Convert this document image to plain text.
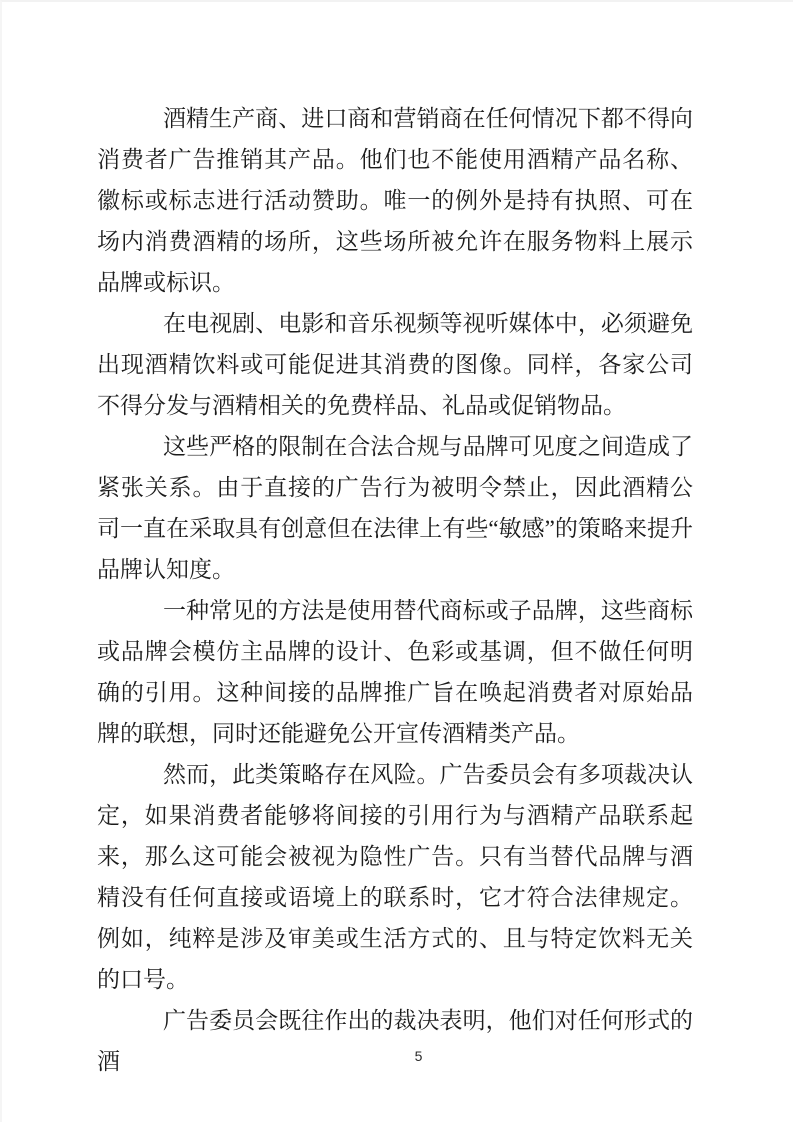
酒精生产商、进口商和营销商在任何情况下都不得向消费者广告推销其产品。他们也不能使用酒精产品名称、徽标或标志进行活动赞助。唯一的例外是持有执照、可在场内消费酒精的场所，这些场所被允许在服务物料上展示品牌或标识。

在电视剧、电影和音乐视频等视听媒体中，必须避免出现酒精饮料或可能促进其消费的图像。同样，各家公司不得分发与酒精相关的免费样品、礼品或促销物品。

这些严格的限制在合法合规与品牌可见度之间造成了紧张关系。由于直接的广告行为被明令禁止，因此酒精公司一直在采取具有创意但在法律上有些“敏感”的策略来提升品牌认知度。

一种常见的方法是使用替代商标或子品牌，这些商标或品牌会模仿主品牌的设计、色彩或基调，但不做任何明确的引用。这种间接的品牌推广旨在唤起消费者对原始品牌的联想，同时还能避免公开宣传酒精类产品。

然而，此类策略存在风险。广告委员会有多项裁决认定，如果消费者能够将间接的引用行为与酒精产品联系起来，那么这可能会被视为隐性广告。只有当替代品牌与酒精没有任何直接或语境上的联系时，它才符合法律规定。例如，纯粹是涉及审美或生活方式的、且与特定饮料无关的口号。

广告委员会既往作出的裁决表明，他们对任何形式的酒	5
